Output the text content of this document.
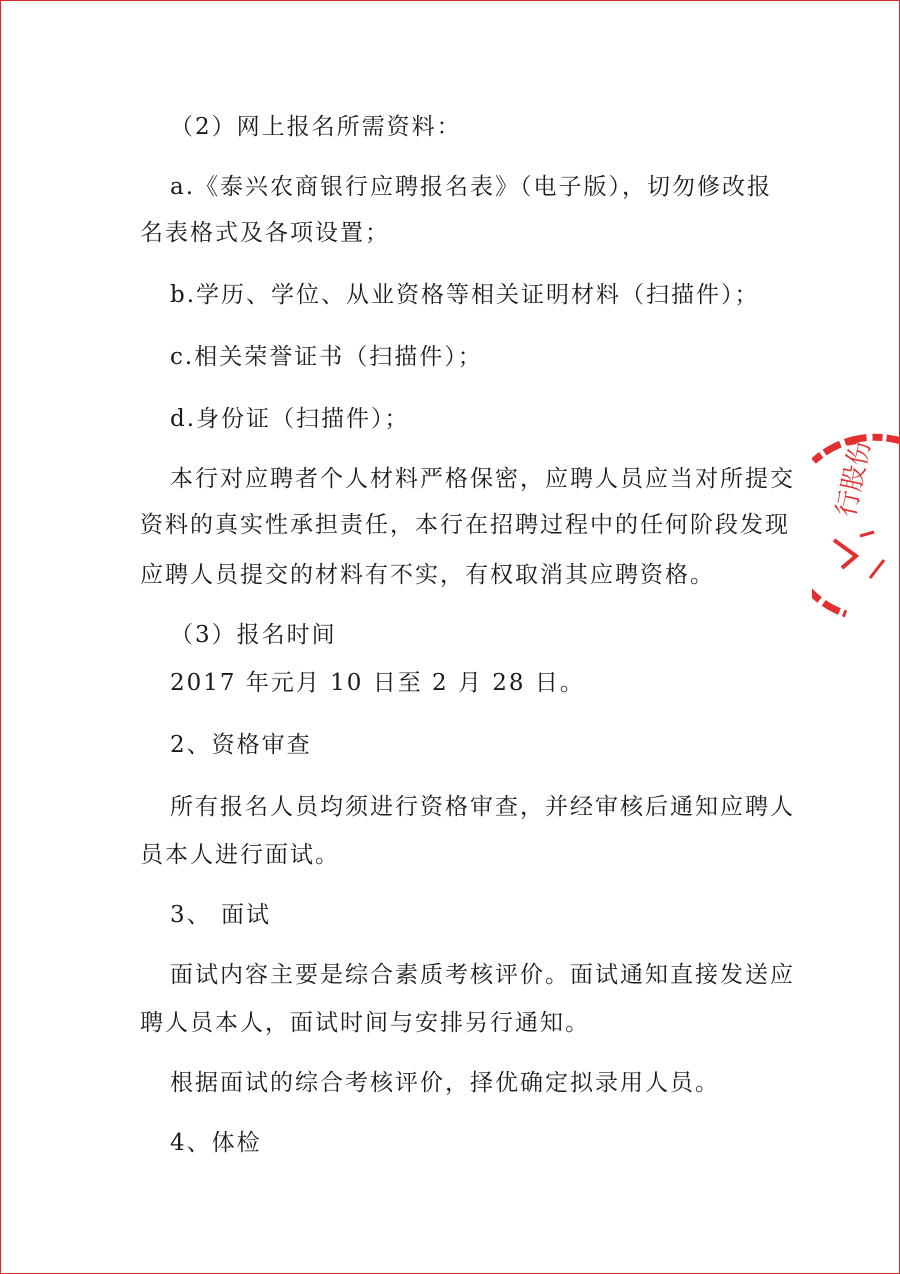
（2）网上报名所需资料：
a.《泰兴农商银行应聘报名表》（电子版），切勿修改报
名表格式及各项设置；
b.学历、学位、从业资格等相关证明材料（扫描件）；
c.相关荣誉证书（扫描件）；
d.身份证（扫描件）；
本行对应聘者个人材料严格保密，应聘人员应当对所提交
资料的真实性承担责任，本行在招聘过程中的任何阶段发现
应聘人员提交的材料有不实，有权取消其应聘资格。
（3）报名时间
2017 年元月 10 日至 2 月 28 日。
2、资格审查
所有报名人员均须进行资格审查，并经审核后通知应聘人
员本人进行面试。
3、 面试
面试内容主要是综合素质考核评价。面试通知直接发送应
聘人员本人，面试时间与安排另行通知。
根据面试的综合考核评价，择优确定拟录用人员。
4、体检
行股份
